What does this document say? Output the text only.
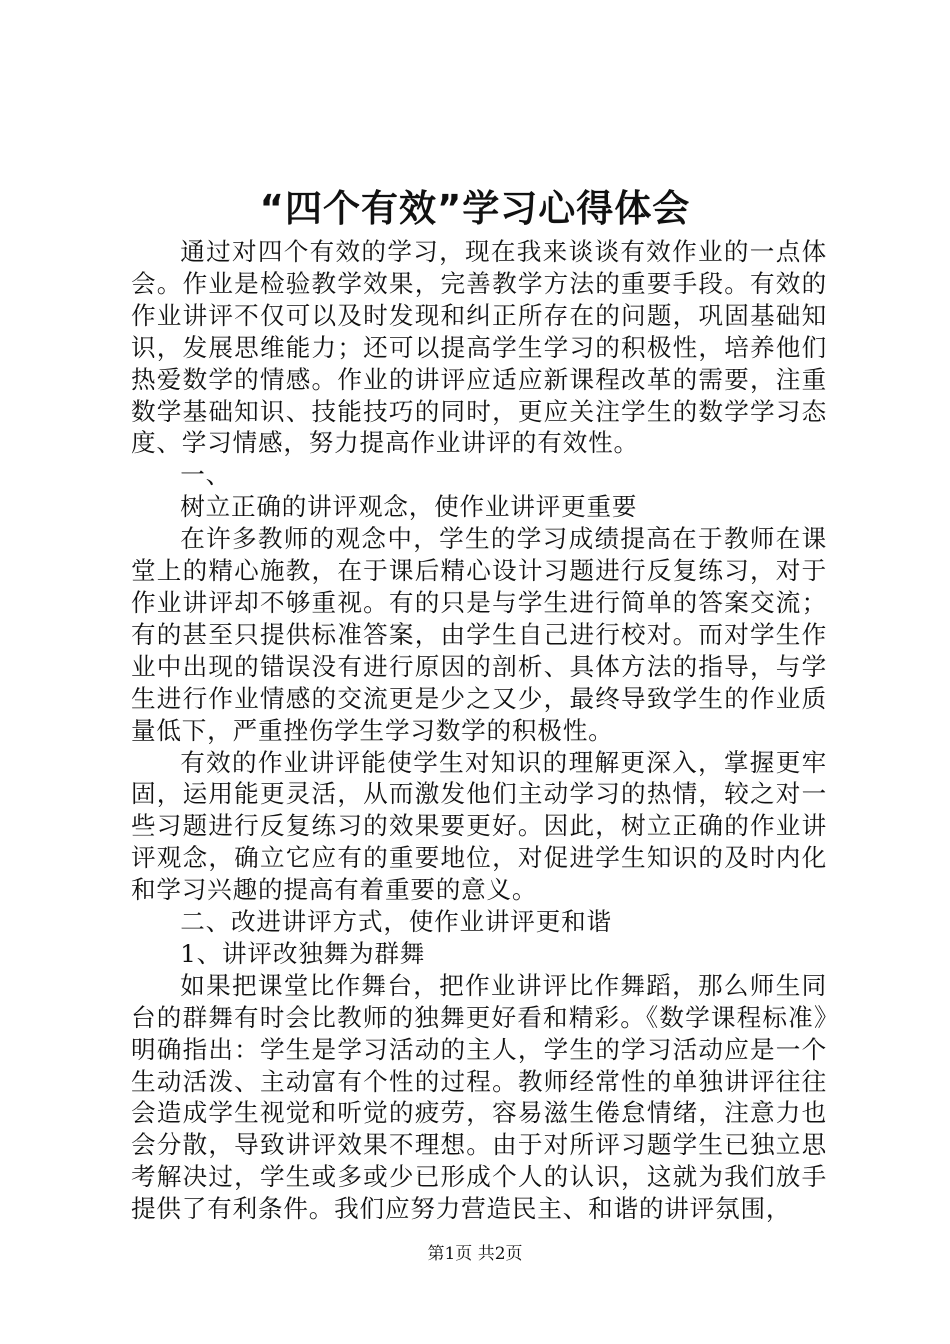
“四个有效”学习心得体会

通过对四个有效的学习，现在我来谈谈有效作业的一点体会。作业是检验教学效果，完善教学方法的重要手段。有效的作业讲评不仅可以及时发现和纠正所存在的问题，巩固基础知识，发展思维能力；还可以提高学生学习的积极性，培养他们热爱数学的情感。作业的讲评应适应新课程改革的需要，注重数学基础知识、技能技巧的同时，更应关注学生的数学学习态度、学习情感，努力提高作业讲评的有效性。

一、

树立正确的讲评观念，使作业讲评更重要

在许多教师的观念中，学生的学习成绩提高在于教师在课堂上的精心施教，在于课后精心设计习题进行反复练习，对于作业讲评却不够重视。有的只是与学生进行简单的答案交流；有的甚至只提供标准答案，由学生自己进行校对。而对学生作业中出现的错误没有进行原因的剖析、具体方法的指导，与学生进行作业情感的交流更是少之又少，最终导致学生的作业质量低下，严重挫伤学生学习数学的积极性。

有效的作业讲评能使学生对知识的理解更深入，掌握更牢固，运用能更灵活，从而激发他们主动学习的热情，较之对一些习题进行反复练习的效果要更好。因此，树立正确的作业讲评观念，确立它应有的重要地位，对促进学生知识的及时内化和学习兴趣的提高有着重要的意义。

二、改进讲评方式，使作业讲评更和谐

1、讲评改独舞为群舞

如果把课堂比作舞台，把作业讲评比作舞蹈，那么师生同台的群舞有时会比教师的独舞更好看和精彩。《数学课程标准》明确指出：学生是学习活动的主人，学生的学习活动应是一个生动活泼、主动富有个性的过程。教师经常性的单独讲评往往会造成学生视觉和听觉的疲劳，容易滋生倦怠情绪，注意力也会分散，导致讲评效果不理想。由于对所评习题学生已独立思考解决过，学生或多或少已形成个人的认识，这就为我们放手提供了有利条件。我们应努力营造民主、和谐的讲评氛围，

第1页 共2页
